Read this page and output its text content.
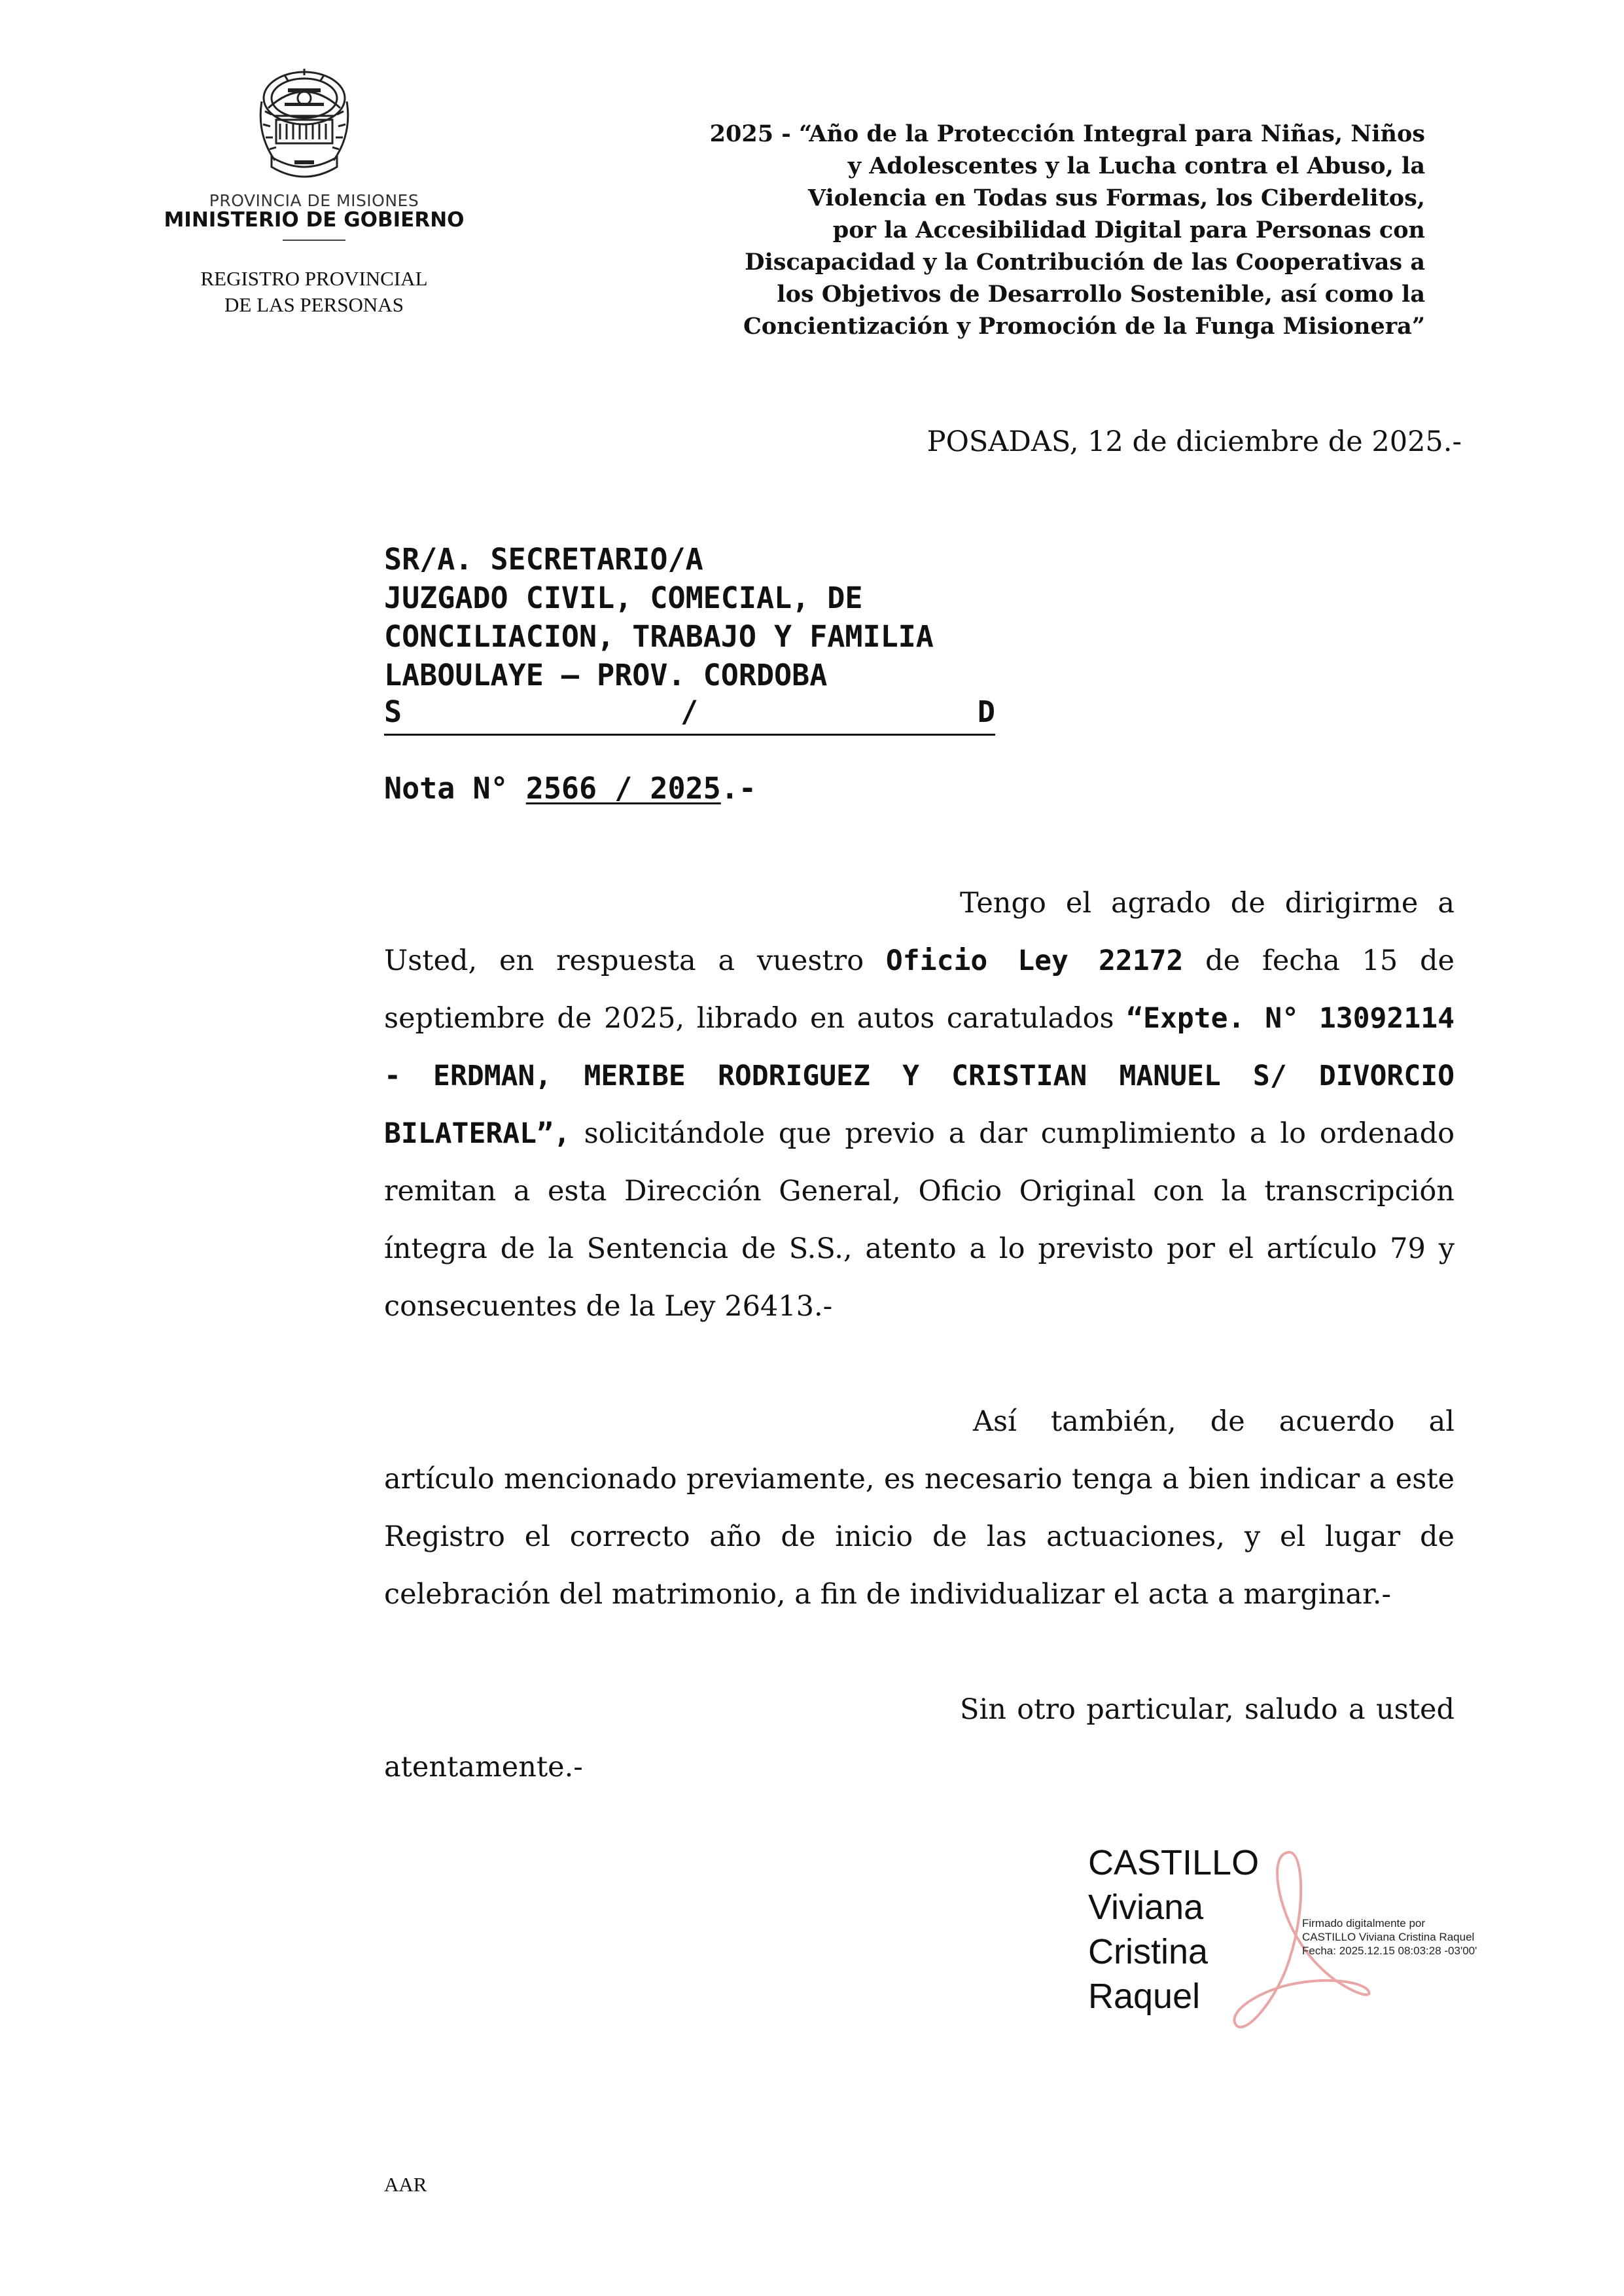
PROVINCIA DE MISIONES
MINISTERIO DE GOBIERNO
REGISTRO PROVINCIAL
DE LAS PERSONAS
2025 - “Año de la Protección Integral para Niñas, Niños
y Adolescentes y la Lucha contra el Abuso, la
Violencia en Todas sus Formas, los Ciberdelitos,
por la Accesibilidad Digital para Personas con
Discapacidad y la Contribución de las Cooperativas a
los Objetivos de Desarrollo Sostenible, así como la
Concientización y Promoción de la Funga Misionera”
POSADAS, 12 de diciembre de 2025.-
SR/A. SECRETARIO/A
JUZGADO CIVIL, COMECIAL, DE
CONCILIACION, TRABAJO Y FAMILIA
LABOULAYE – PROV. CORDOBA
S	/	D
Nota N° 2566 / 2025.-
Tengo el agrado de dirigirme a Usted, en respuesta a vuestro Oficio Ley 22172 de fecha 15 de septiembre de 2025, librado en autos caratulados “Expte. N° 13092114 - ERDMAN, MERIBE RODRIGUEZ Y CRISTIAN MANUEL S/ DIVORCIO BILATERAL”, solicitándole que previo a dar cumplimiento a lo ordenado remitan a esta Dirección General, Oficio Original con la transcripción íntegra de la Sentencia de S.S., atento a lo previsto por el artículo 79 y consecuentes de la Ley 26413.-
Así también, de acuerdo al artículo mencionado previamente, es necesario tenga a bien indicar a este Registro el correcto año de inicio de las actuaciones, y el lugar de celebración del matrimonio, a fin de individualizar el acta a marginar.-
Sin otro particular, saludo a usted atentamente.-
CASTILLO
Viviana
Cristina
Raquel
Firmado digitalmente por
CASTILLO Viviana Cristina Raquel
Fecha: 2025.12.15 08:03:28 -03'00'
AAR
